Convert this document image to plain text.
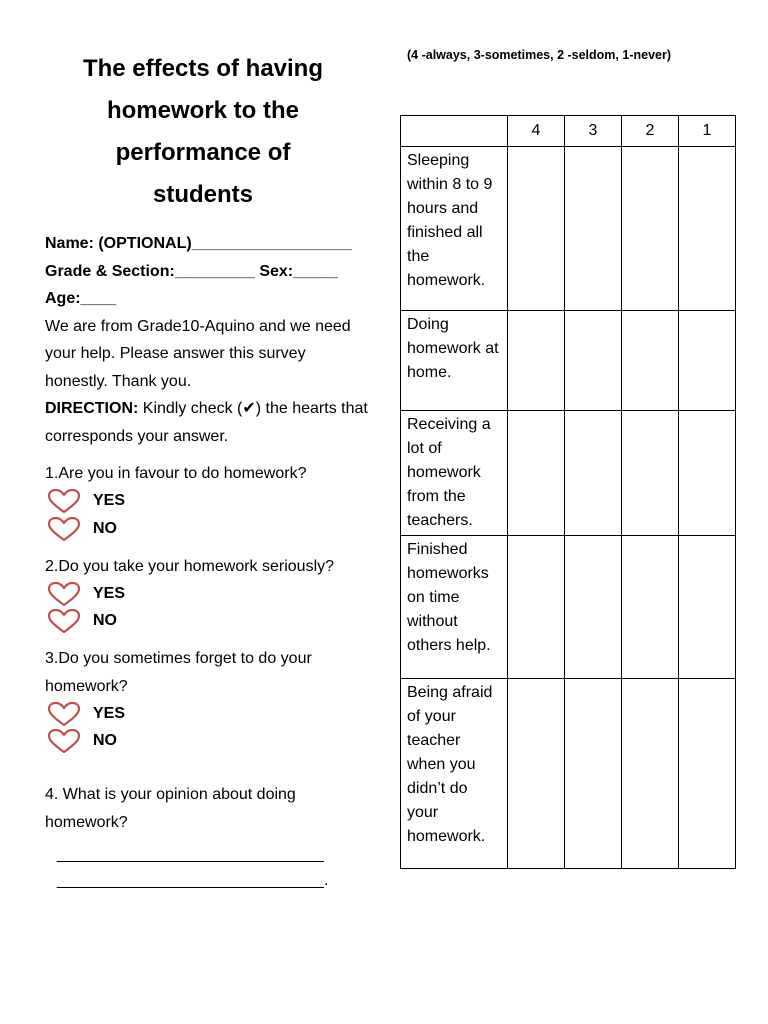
The effects of having
homework to the
performance of
students
Name: (OPTIONAL)__________________
Grade & Section:_________ Sex:_____
Age:____
We are from Grade10-Aquino and we need your help. Please answer this survey honestly. Thank you.
DIRECTION: Kindly check (✔) the hearts that corresponds your answer.
1.Are you in favour to do homework?
YES
NO
2.Do you take your homework seriously?
YES
NO
3.Do you sometimes forget to do your homework?
YES
NO
4. What is your opinion about doing homework?
______________________________
______________________________.
(4 -always, 3-sometimes, 2 -seldom, 1-never)
	4	3	2	1
Sleeping within 8 to 9 hours and finished all the homework.				
Doing homework at home.				
Receiving a lot of homework from the teachers.				
Finished homeworks on time without others help.				
Being afraid of your teacher when you didn’t do your homework.				
